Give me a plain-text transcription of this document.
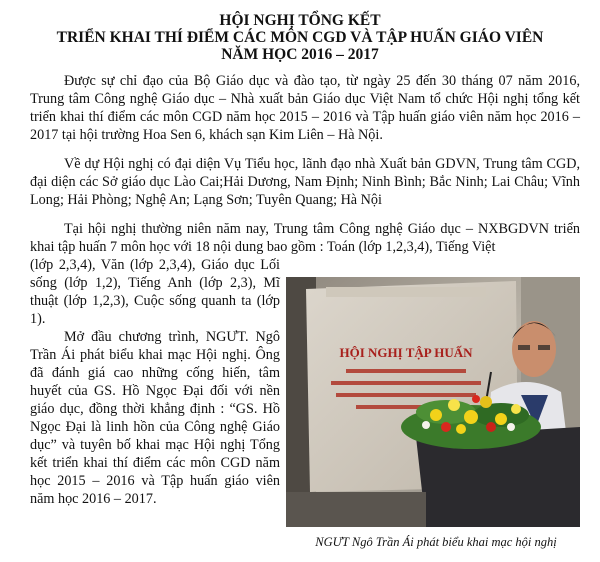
HỘI NGHỊ TỔNG KẾT
TRIỂN KHAI THÍ ĐIỂM CÁC MÔN CGD VÀ TẬP HUẤN GIÁO VIÊN
NĂM HỌC 2016 – 2017

Được sự chỉ đạo của Bộ Giáo dục và đào tạo, từ ngày 25 đến 30 tháng 07 năm 2016, Trung tâm Công nghệ Giáo dục – Nhà xuất bản Giáo dục Việt Nam tổ chức Hội nghị tổng kết triển khai thí điểm các môn CGD năm học 2015 – 2016 và Tập huấn giáo viên năm học 2016 – 2017 tại hội trường Hoa Sen 6, khách sạn Kim Liên – Hà Nội.

Về dự Hội nghị có đại diện Vụ Tiểu học, lãnh đạo nhà Xuất bản GDVN, Trung tâm CGD, đại diện các Sở giáo dục Lào Cai;Hải Dương, Nam Định; Ninh Bình; Bắc Ninh; Lai Châu; Vĩnh Long; Hải Phòng; Nghệ An; Lạng Sơn; Tuyên Quang; Hà Nội

Tại hội nghị thường niên năm nay, Trung tâm Công nghệ Giáo dục – NXBGDVN triển khai tập huấn 7 môn học với 18 nội dung bao gồm : Toán (lớp 1,2,3,4), Tiếng Việt

(lớp 2,3,4), Văn (lớp 2,3,4), Giáo dục Lối sống (lớp 1,2), Tiếng Anh (lớp 2,3), Mĩ thuật (lớp 1,2,3), Cuộc sống quanh ta (lớp 1).

Mở đầu chương trình, NGƯT. Ngô Trần Ái phát biểu khai mạc Hội nghị. Ông đã đánh giá cao những cống hiến, tâm huyết của GS. Hồ Ngọc Đại đối với nền giáo dục, đồng thời khẳng định : “GS. Hồ Ngọc Đại là linh hồn của Công nghệ Giáo dục” và tuyên bố khai mạc Hội nghị Tổng kết triển khai thí điểm các môn CGD năm học 2015 – 2016 và Tập huấn giáo viên năm học 2016 – 2017.

HỘI NGHỊ TẬP HUẤN

NGƯT Ngô Trần Ái phát biểu khai mạc hội nghị
